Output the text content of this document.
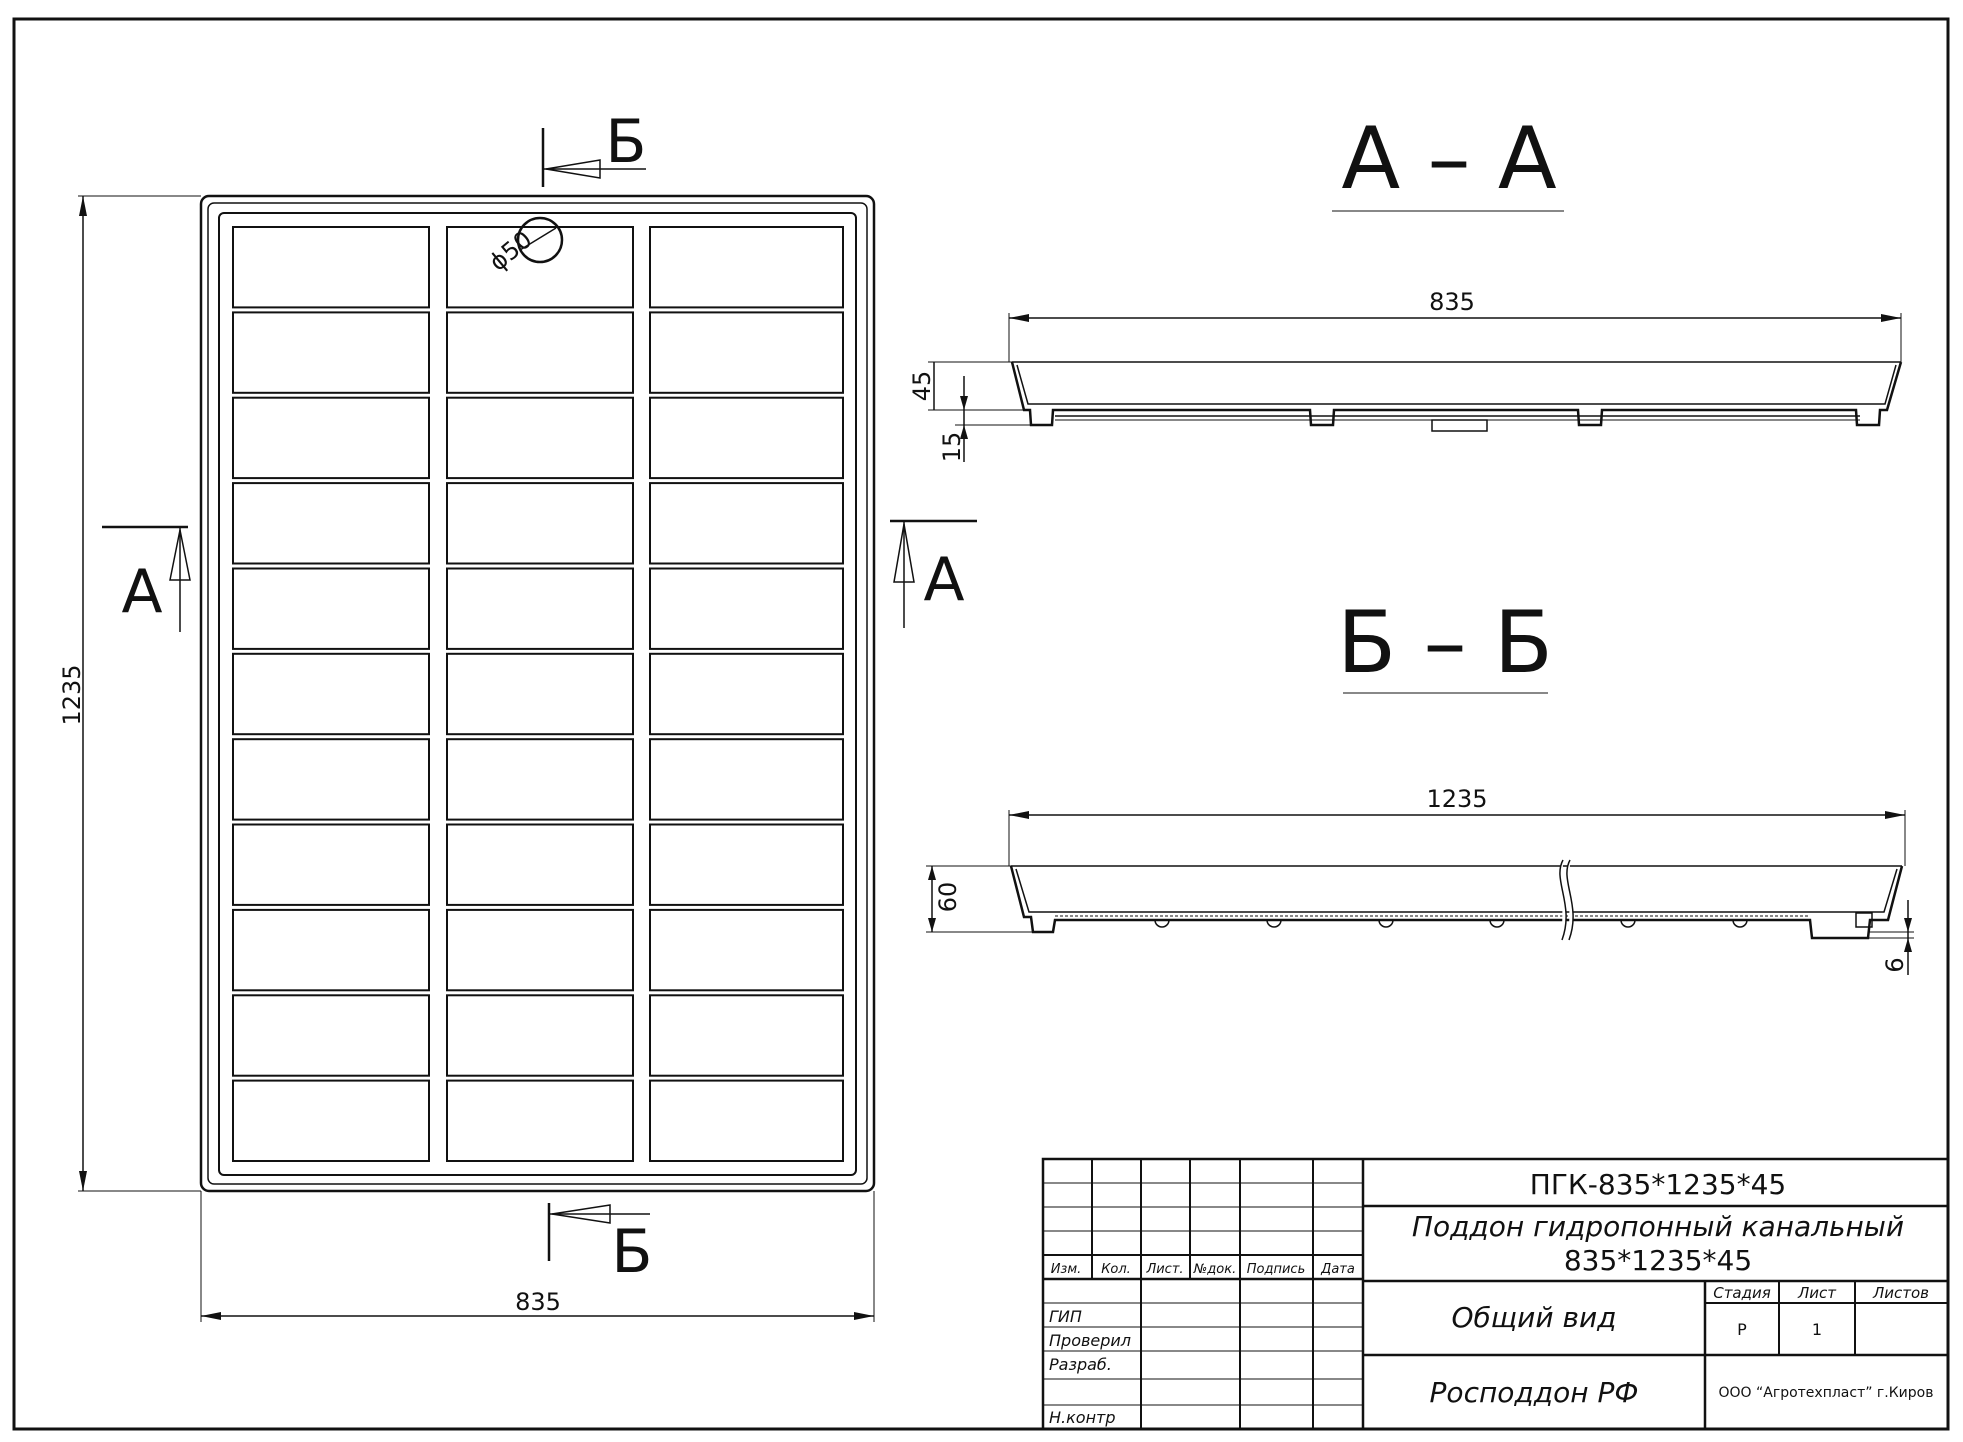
ϕ50
1235
835
А	А
Б
Б
А – А
835
45
15
Б – Б
1235
60
6
Изм. Кол. Лист. №док. Подпись Дата
ГИП
Проверил
Разраб.
Н.контр
ПГК-835*1235*45
Поддон гидропонный канальный
835*1235*45
Общий вид
Росподдон РФ	ООО “Агротехпласт” г.Киров
Стадия Лист Листов
Р	1
